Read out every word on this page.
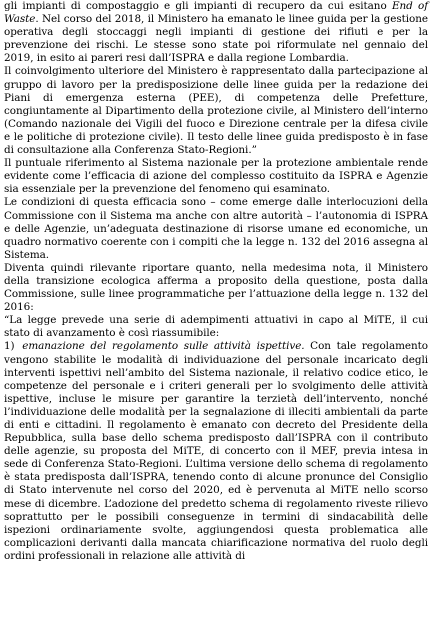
gli impianti di compostaggio e gli impianti di recupero da cui esitano End of Waste. Nel corso del 2018, il Ministero ha emanato le linee guida per la gestione operativa degli stoccaggi negli impianti di gestione dei rifiuti e per la prevenzione dei rischi. Le stesse sono state poi riformulate nel gennaio del 2019, in esito ai pareri resi dall’ISPRA e dalla regione Lombardia.

Il coinvolgimento ulteriore del Ministero è rappresentato dalla partecipazione al gruppo di lavoro per la predisposizione delle linee guida per la redazione dei Piani di emergenza esterna (PEE), di competenza delle Prefetture, congiuntamente al Dipartimento della protezione civile, al Ministero dell’interno (Comando nazionale dei Vigili del fuoco e Direzione centrale per la difesa civile e le politiche di protezione civile). Il testo delle linee guida predisposto è in fase di consultazione alla Conferenza Stato-Regioni.”

Il puntuale riferimento al Sistema nazionale per la protezione ambientale rende evidente come l’efficacia di azione del complesso costituito da ISPRA e Agenzie sia essenziale per la prevenzione del fenomeno qui esaminato.

Le condizioni di questa efficacia sono – come emerge dalle interlocuzioni della Commissione con il Sistema ma anche con altre autorità – l’autonomia di ISPRA e delle Agenzie, un’adeguata destinazione di risorse umane ed economiche, un quadro normativo coerente con i compiti che la legge n. 132 del 2016 assegna al Sistema.

Diventa quindi rilevante riportare quanto, nella medesima nota, il Ministero della transizione ecologica afferma a proposito della questione, posta dalla Commissione, sulle linee programmatiche per l’attuazione della legge n. 132 del 2016:

“La legge prevede una serie di adempimenti attuativi in capo al MiTE, il cui stato di avanzamento è così riassumibile:

1) emanazione del regolamento sulle attività ispettive. Con tale regolamento vengono stabilite le modalità di individuazione del personale incaricato degli interventi ispettivi nell’ambito del Sistema nazionale, il relativo codice etico, le competenze del personale e i criteri generali per lo svolgimento delle attività ispettive, incluse le misure per garantire la terzietà dell’intervento, nonché l’individuazione delle modalità per la segnalazione di illeciti ambientali da parte di enti e cittadini. Il regolamento è emanato con decreto del Presidente della Repubblica, sulla base dello schema predisposto dall’ISPRA con il contributo delle agenzie, su proposta del MiTE, di concerto con il MEF, previa intesa in sede di Conferenza Stato-Regioni. L’ultima versione dello schema di regolamento è stata predisposta dall’ISPRA, tenendo conto di alcune pronunce del Consiglio di Stato intervenute nel corso del 2020, ed è pervenuta al MiTE nello scorso mese di dicembre. L’adozione del predetto schema di regolamento riveste rilievo soprattutto per le possibili conseguenze in termini di sindacabilità delle ispezioni ordinariamente svolte, aggiungendosi questa problematica alle complicazioni derivanti dalla mancata chiarificazione normativa del ruolo degli ordini professionali in relazione alle attività di
